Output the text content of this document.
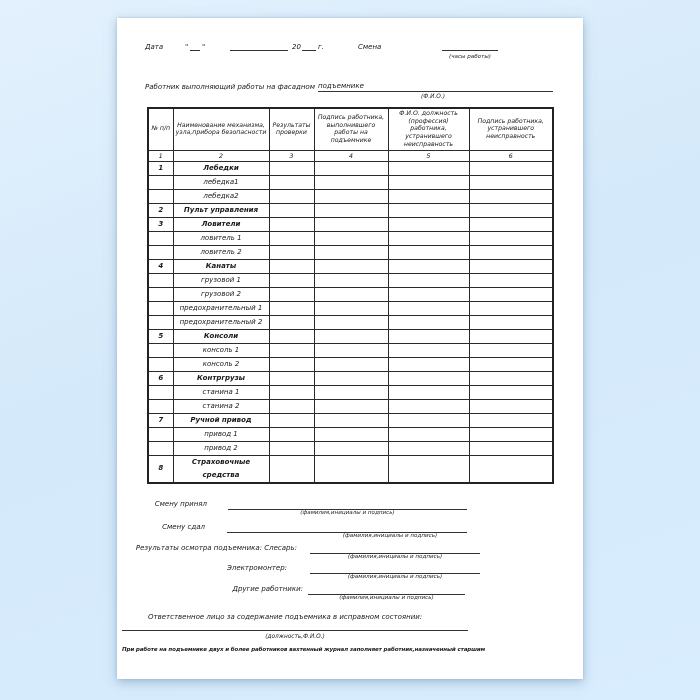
Дата	" "	20 г.	Смена
(часы работы)
Работник выполняющий работы на фасадном подъемнике
(Ф.И.О.)
№ п/п	Наименование механизма, узла,прибора безопасности	Результаты проверки	Подпись работника, выполнившего работы на подъемнике	Ф.И.О. должность (профессия) работника, устранившего неисправность	Подпись работника, устранившего неисправность
1	2	3	4	5	6
1	Лебедки				
	лебедка1				
	лебедка2				
2	Пульт управления				
3	Ловители				
	ловитель 1				
	ловитель 2				
4	Канаты				
	грузовой 1				
	грузовой 2				
	предохранительный 1				
	предохранительный 2				
5	Консоли				
	консоль 1				
	консоль 2				
6	Контргрузы				
	станина 1				
	станина 2				
7	Ручной привод				
	привод 1				
	привод 2				
8	Страховочные средства				
Смену принял
(фамилия,инициалы и подпись)
Смену сдал
(фамилия,инициалы и подпись)
Результаты осмотра подъемника: Слесарь:
(фамилия,инициалы и подпись)
Электромонтер:
(фамилия,инициалы и подпись)
Другие работники:
(фамилия,инициалы и подпись)
Ответственное лицо за содержание подъемника в исправном состоянии:
(должность,Ф.И.О.)
При работе на подъемнике двух и более работников вахтенный журнал заполняет работник,назначенный старшим
